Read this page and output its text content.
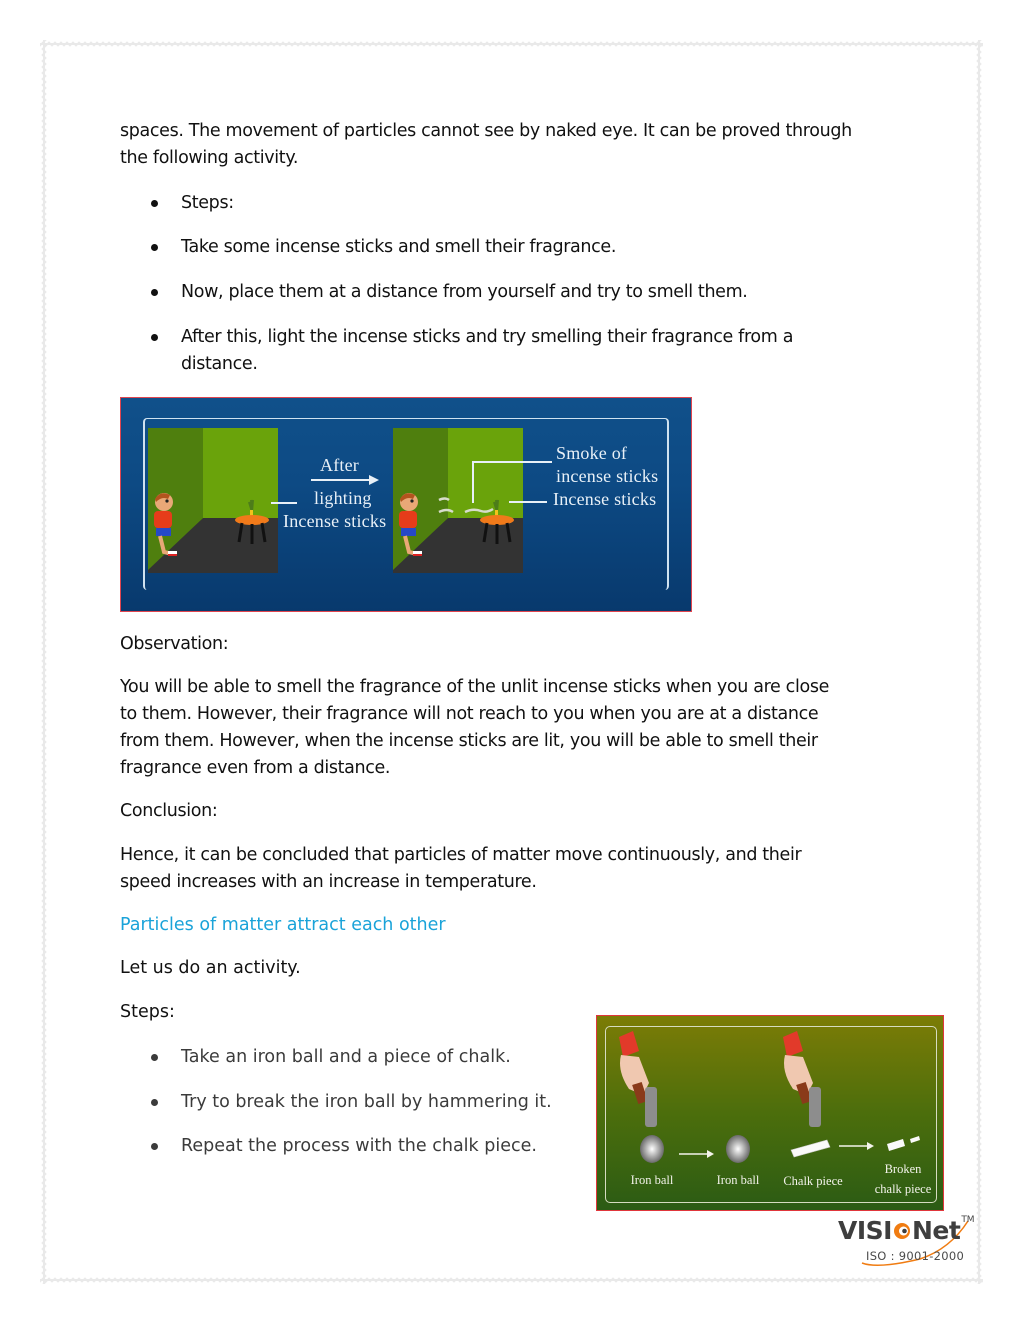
spaces. The movement of particles cannot see by naked eye. It can be proved through
the following activity.
Steps:
Take some incense sticks and smell their fragrance.
Now, place them at a distance from yourself and try to smell them.
After this, light the incense sticks and try smelling their fragrance from a
distance.
After
lighting
Incense sticks
Smoke of
incense sticks
Incense sticks
Observation:
You will be able to smell the fragrance of the unlit incense sticks when you are close
to them. However, their fragrance will not reach to you when you are at a distance
from them. However, when the incense sticks are lit, you will be able to smell their
fragrance even from a distance.
Conclusion:
Hence, it can be concluded that particles of matter move continuously, and their
speed increases with an increase in temperature.
Particles of matter attract each other
Let us do an activity.
Steps:
Take an iron ball and a piece of chalk.
Try to break the iron ball by hammering it.
Repeat the process with the chalk piece.
Iron ball	Iron ball	Chalk piece
Broken
chalk piece
VISI Net TM
ISO : 9001-2000
